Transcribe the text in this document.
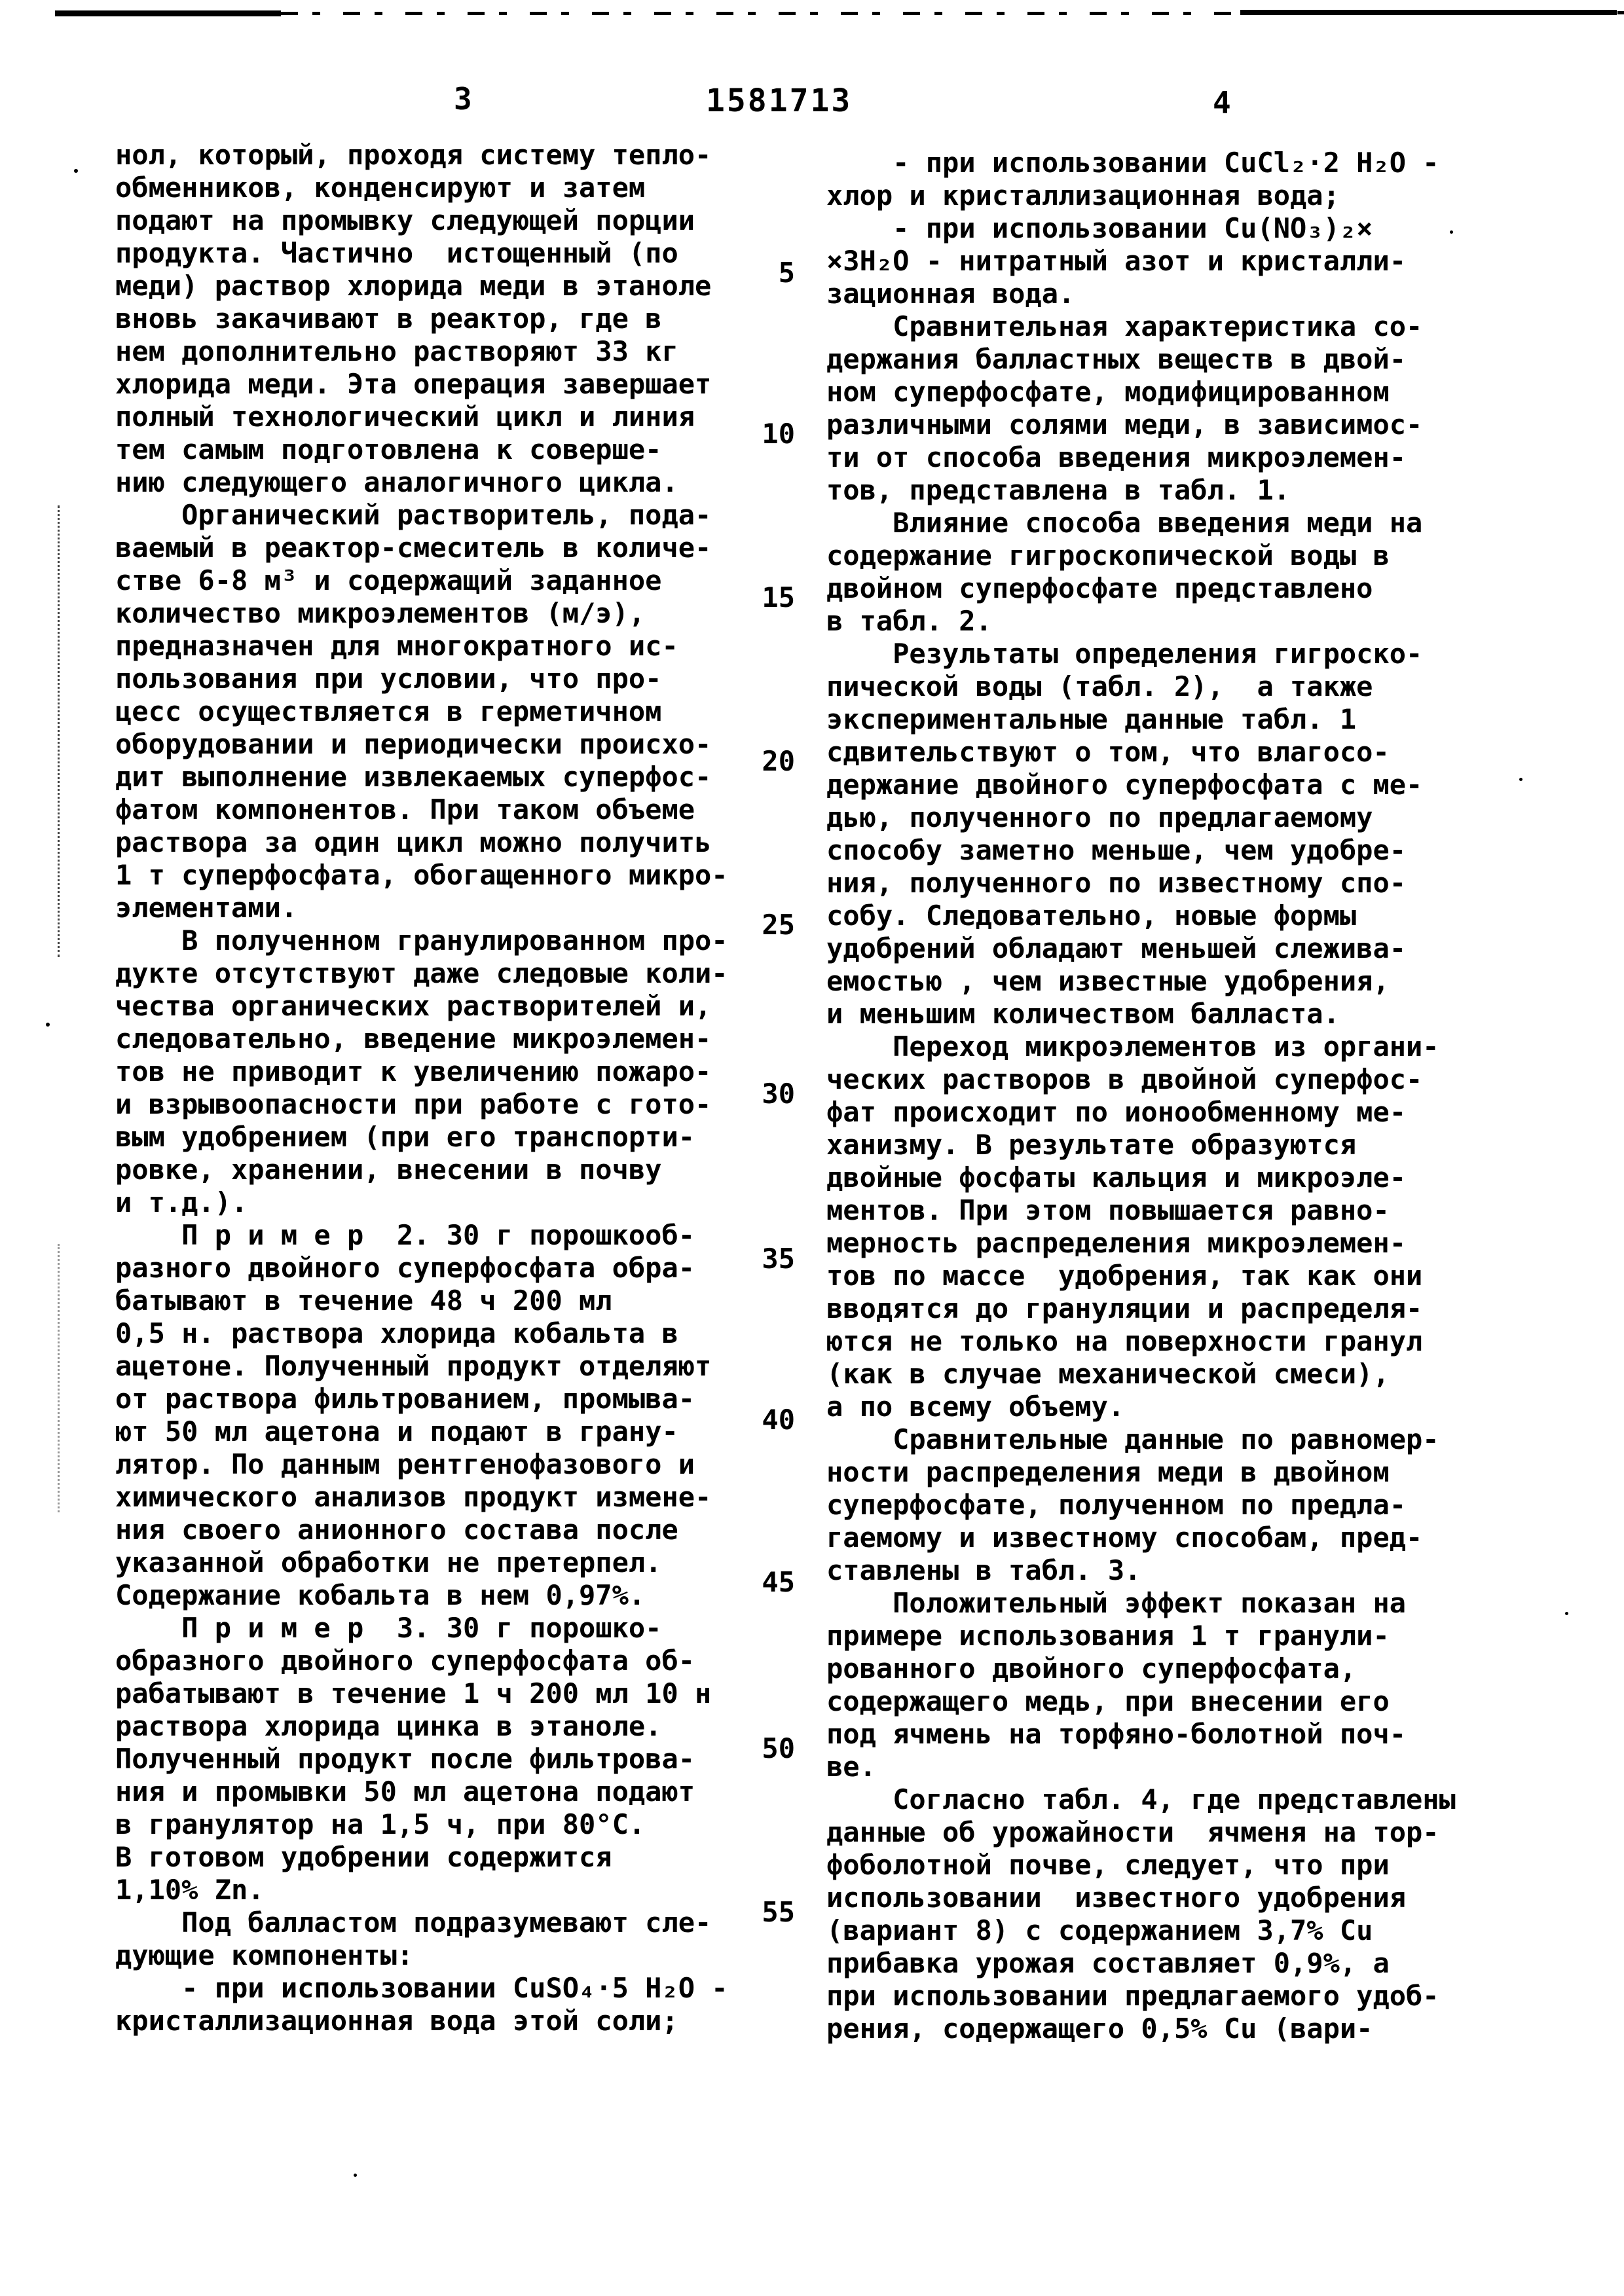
3	1581713	4
нол, который, проходя систему тепло-
обменников, конденсируют и затем
подают на промывку следующей порции
продукта. Частично  истощенный (по
меди) раствор хлорида меди в этаноле
вновь закачивают в реактор, где в
нем дополнительно растворяют 33 кг
хлорида меди. Эта операция завершает
полный технологический цикл и линия
тем самым подготовлена к соверше-
нию следующего аналогичного цикла.
Органический растворитель, пода-
ваемый в реактор-смеситель в количе-
стве 6-8 м³ и содержащий заданное
количество микроэлементов (м/э),
предназначен для многократного ис-
пользования при условии, что про-
цесс осуществляется в герметичном
оборудовании и периодически происхо-
дит выполнение извлекаемых суперфос-
фатом компонентов. При таком объеме
раствора за один цикл можно получить
1 т суперфосфата, обогащенного микро-
элементами.
В полученном гранулированном про-
дукте отсутствуют даже следовые коли-
чества органических растворителей и,
следовательно, введение микроэлемен-
тов не приводит к увеличению пожаро-
и взрывоопасности при работе с гото-
вым удобрением (при его транспорти-
ровке, хранении, внесении в почву
и т.д.).
П р и м е р  2. 30 г порошкооб-
разного двойного суперфосфата обра-
батывают в течение 48 ч 200 мл
0,5 н. раствора хлорида кобальта в
ацетоне. Полученный продукт отделяют
от раствора фильтрованием, промыва-
ют 50 мл ацетона и подают в грану-
лятор. По данным рентгенофазового и
химического анализов продукт измене-
ния своего анионного состава после
указанной обработки не претерпел.
Содержание кобальта в нем 0,97%.
П р и м е р  3. 30 г порошко-
образного двойного суперфосфата об-
рабатывают в течение 1 ч 200 мл 10 н
раствора хлорида цинка в этаноле.
Полученный продукт после фильтрова-
ния и промывки 50 мл ацетона подают
в гранулятор на 1,5 ч, при 80°С.
В готовом удобрении содержится
1,10% Zn.
Под балластом подразумевают сле-
дующие компоненты:
- при использовании CuSO₄·5 H₂O -
кристаллизационная вода этой соли;
- при использовании CuCl₂·2 H₂O -
хлор и кристаллизационная вода;
- при использовании Cu(NO₃)₂×
×3H₂O - нитратный азот и кристалли-
зационная вода.
Сравнительная характеристика со-
держания балластных веществ в двой-
ном суперфосфате, модифицированном
различными солями меди, в зависимос-
ти от способа введения микроэлемен-
тов, представлена в табл. 1.
Влияние способа введения меди на
содержание гигроскопической воды в
двойном суперфосфате представлено
в табл. 2.
Результаты определения гигроско-
пической воды (табл. 2),  а также
экспериментальные данные табл. 1
сдвительствуют о том, что влагосо-
держание двойного суперфосфата с ме-
дью, полученного по предлагаемому
способу заметно меньше, чем удобре-
ния, полученного по известному спо-
собу. Следовательно, новые формы
удобрений обладают меньшей слежива-
емостью , чем известные удобрения,
и меньшим количеством балласта.
Переход микроэлементов из органи-
ческих растворов в двойной суперфос-
фат происходит по ионообменному ме-
ханизму. В результате образуются
двойные фосфаты кальция и микроэле-
ментов. При этом повышается равно-
мерность распределения микроэлемен-
тов по массе  удобрения, так как они
вводятся до грануляции и распределя-
ются не только на поверхности гранул
(как в случае механической смеси),
а по всему объему.
Сравнительные данные по равномер-
ности распределения меди в двойном
суперфосфате, полученном по предла-
гаемому и известному способам, пред-
ставлены в табл. 3.
Положительный эффект показан на
примере использования 1 т гранули-
рованного двойного суперфосфата,
содержащего медь, при внесении его
под ячмень на торфяно-болотной поч-
ве.
Согласно табл. 4, где представлены
данные об урожайности  ячменя на тор-
фоболотной почве, следует, что при
использовании  известного удобрения
(вариант 8) с содержанием 3,7% Cu
прибавка урожая составляет 0,9%, а
при использовании предлагаемого удоб-
рения, содержащего 0,5% Cu (вари-
5
10
15
20
25
30
35
40
45
50
55
